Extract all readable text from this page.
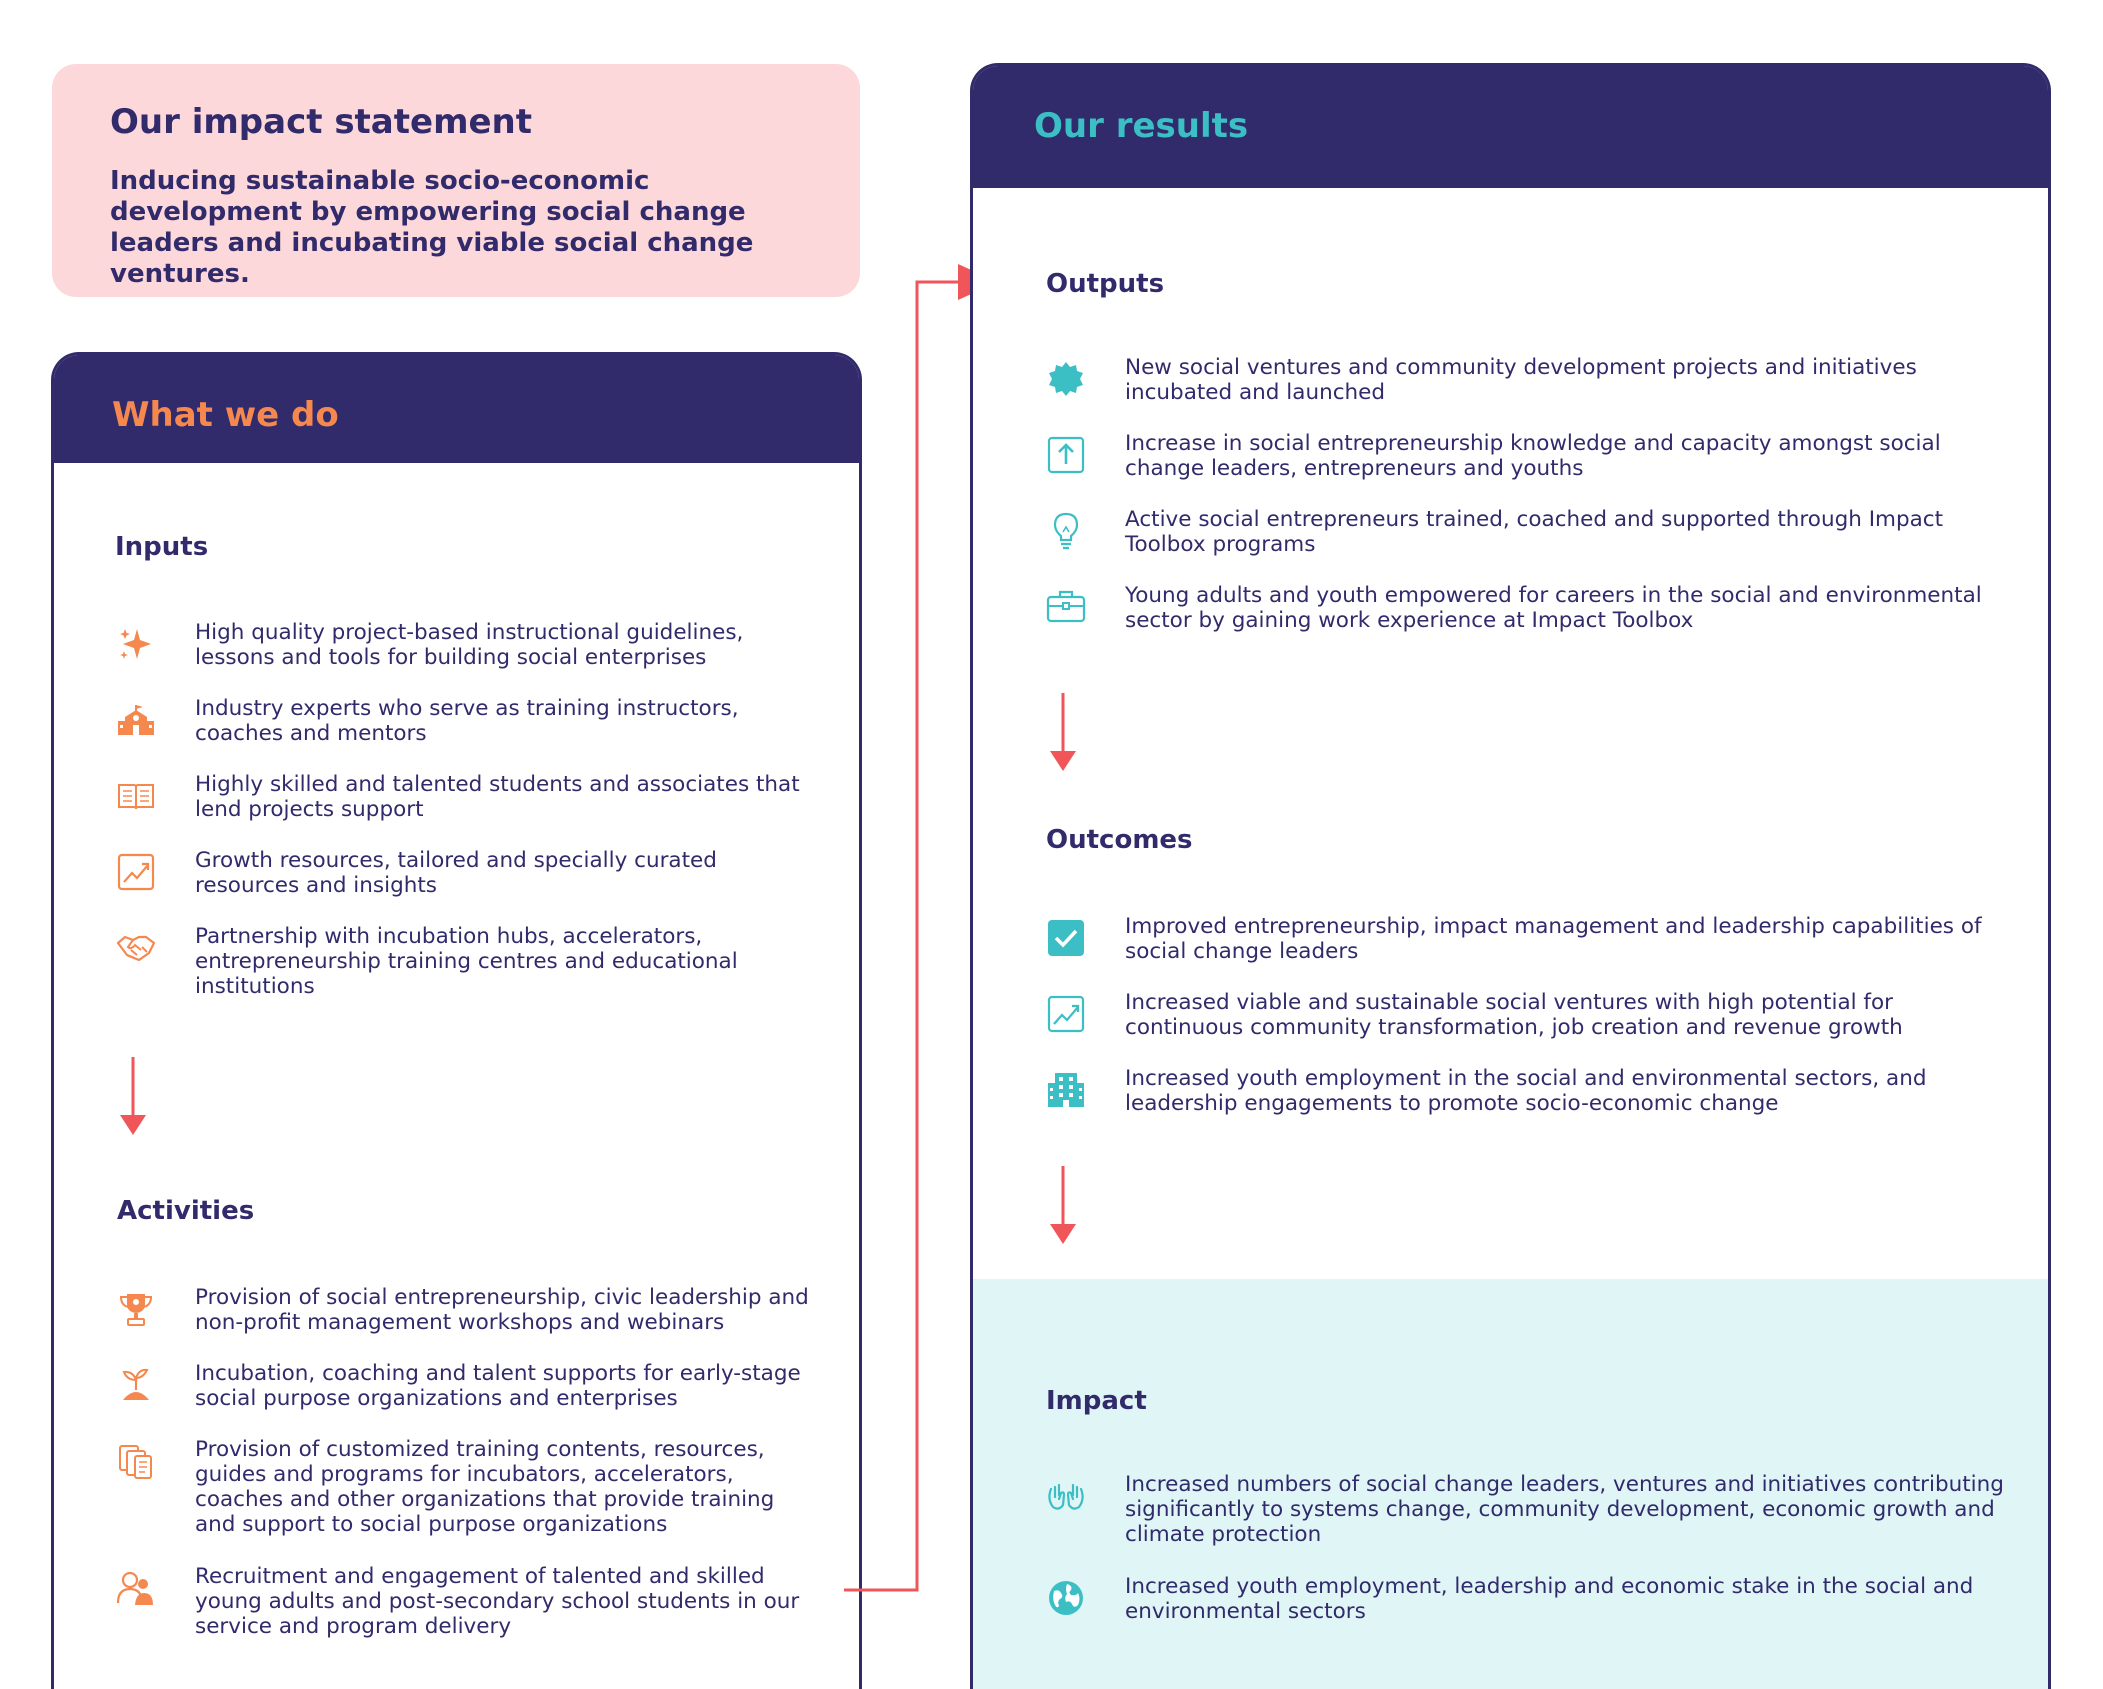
Our impact statement
Inducing sustainable socio-economic development by empowering social change leaders and incubating viable social change ventures.
What we do
Inputs
High quality project-based instructional guidelines, lessons and tools for building social enterprises
Industry experts who serve as training instructors, coaches and mentors
Highly skilled and talented students and associates that lend projects support
Growth resources, tailored and specially curated resources and insights
Partnership with incubation hubs, accelerators, entrepreneurship training centres and educational institutions
Activities
Provision of social entrepreneurship, civic leadership and non-profit management workshops and webinars
Incubation, coaching and talent supports for early-stage social purpose organizations and enterprises
Provision of customized training contents, resources, guides and programs for incubators, accelerators, coaches and other organizations that provide training and support to social purpose organizations
Recruitment and engagement of talented and skilled young adults and post-secondary school students in our service and program delivery
Our results
Outputs
New social ventures and community development projects and initiatives incubated and launched
Increase in social entrepreneurship knowledge and capacity amongst social change leaders, entrepreneurs and youths
Active social entrepreneurs trained, coached and supported through Impact Toolbox programs
Young adults and youth empowered for careers in the social and environmental sector by gaining work experience at Impact Toolbox
Outcomes
Improved entrepreneurship, impact management and leadership capabilities of social change leaders
Increased viable and sustainable social ventures with high potential for continuous community transformation, job creation and revenue growth
Increased youth employment in the social and environmental sectors, and leadership engagements to promote socio-economic change
Impact
Increased numbers of social change leaders, ventures and initiatives contributing significantly to systems change, community development, economic growth and climate protection
Increased youth employment, leadership and economic stake in the social and environmental sectors
